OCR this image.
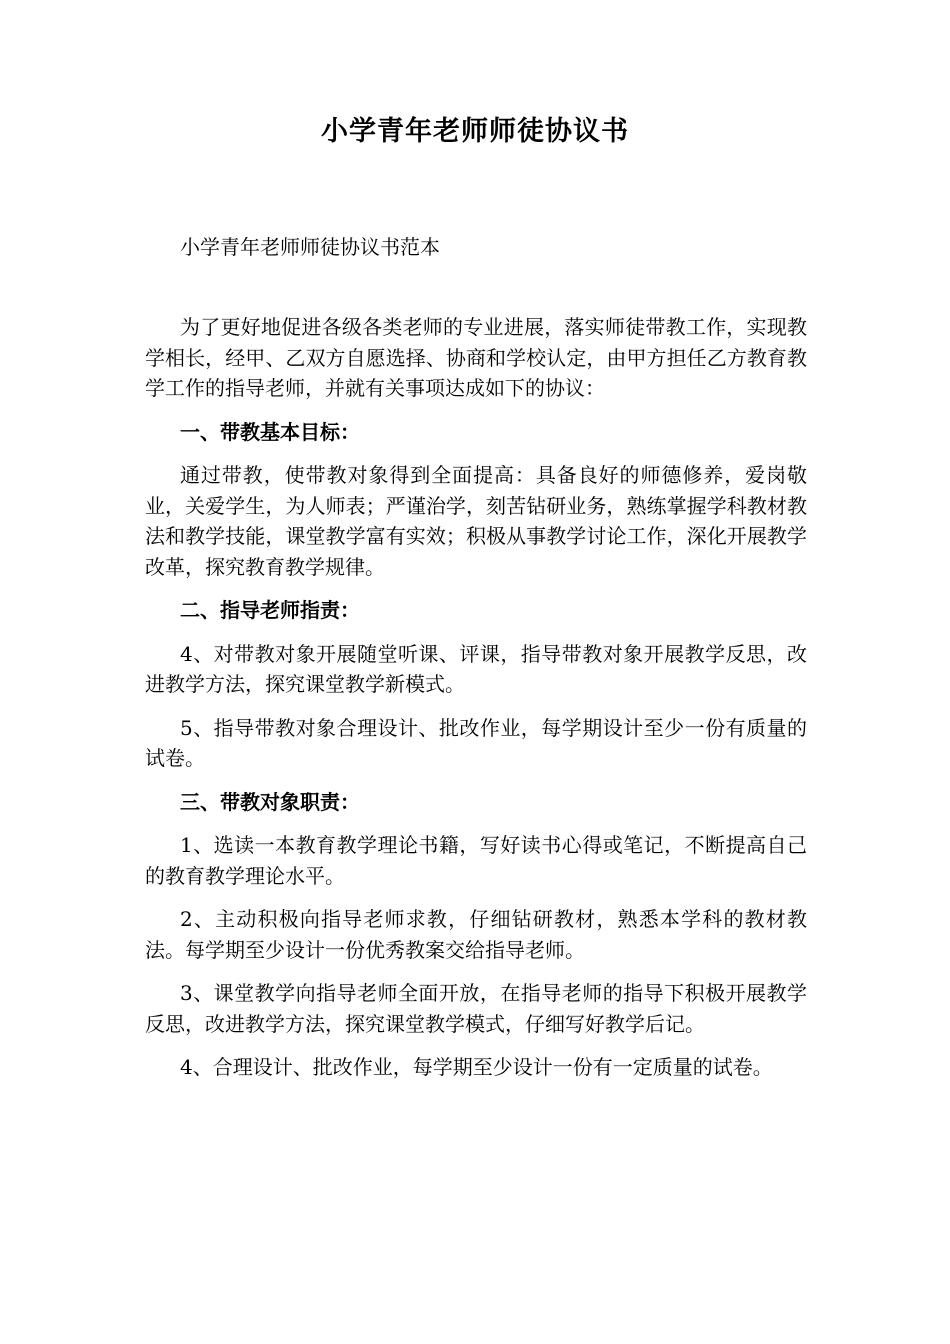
小学青年老师师徒协议书
小学青年老师师徒协议书范本

为了更好地促进各级各类老师的专业进展，落实师徒带教工作，实现教学相长，经甲、乙双方自愿选择、协商和学校认定，由甲方担任乙方教育教学工作的指导老师，并就有关事项达成如下的协议：

一、带教基本目标：

通过带教，使带教对象得到全面提高：具备良好的师德修养，爱岗敬业，关爱学生，为人师表；严谨治学，刻苦钻研业务，熟练掌握学科教材教法和教学技能，课堂教学富有实效；积极从事教学讨论工作，深化开展教学改革，探究教育教学规律。

二、指导老师指责：

4、对带教对象开展随堂听课、评课，指导带教对象开展教学反思，改进教学方法，探究课堂教学新模式。

5、指导带教对象合理设计、批改作业，每学期设计至少一份有质量的试卷。

三、带教对象职责：

1、选读一本教育教学理论书籍，写好读书心得或笔记，不断提高自己的教育教学理论水平。

2、主动积极向指导老师求教，仔细钻研教材，熟悉本学科的教材教法。每学期至少设计一份优秀教案交给指导老师。

3、课堂教学向指导老师全面开放，在指导老师的指导下积极开展教学反思，改进教学方法，探究课堂教学模式，仔细写好教学后记。

4、合理设计、批改作业，每学期至少设计一份有一定质量的试卷。
